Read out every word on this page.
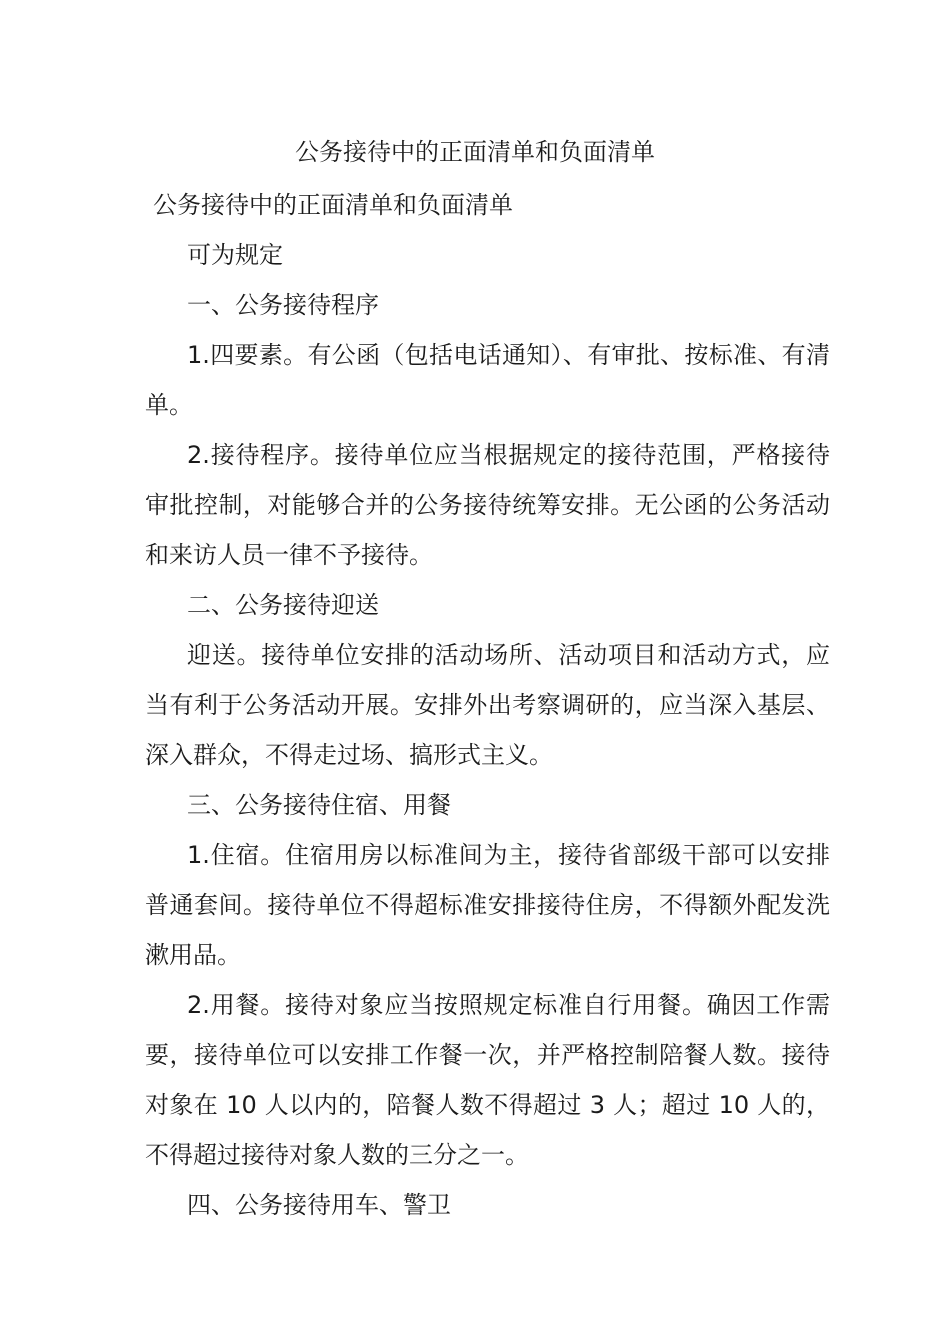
公务接待中的正面清单和负面清单

公务接待中的正面清单和负面清单

可为规定

一、公务接待程序

1.四要素。有公函（包括电话通知）、有审批、按标准、有清单。

2.接待程序。接待单位应当根据规定的接待范围，严格接待审批控制，对能够合并的公务接待统筹安排。无公函的公务活动和来访人员一律不予接待。

二、公务接待迎送

迎送。接待单位安排的活动场所、活动项目和活动方式，应当有利于公务活动开展。安排外出考察调研的，应当深入基层、深入群众，不得走过场、搞形式主义。

三、公务接待住宿、用餐

1.住宿。住宿用房以标准间为主，接待省部级干部可以安排普通套间。接待单位不得超标准安排接待住房，不得额外配发洗漱用品。

2.用餐。接待对象应当按照规定标准自行用餐。确因工作需要，接待单位可以安排工作餐一次，并严格控制陪餐人数。接待对象在 10 人以内的，陪餐人数不得超过 3 人；超过 10 人的，不得超过接待对象人数的三分之一。

四、公务接待用车、警卫
